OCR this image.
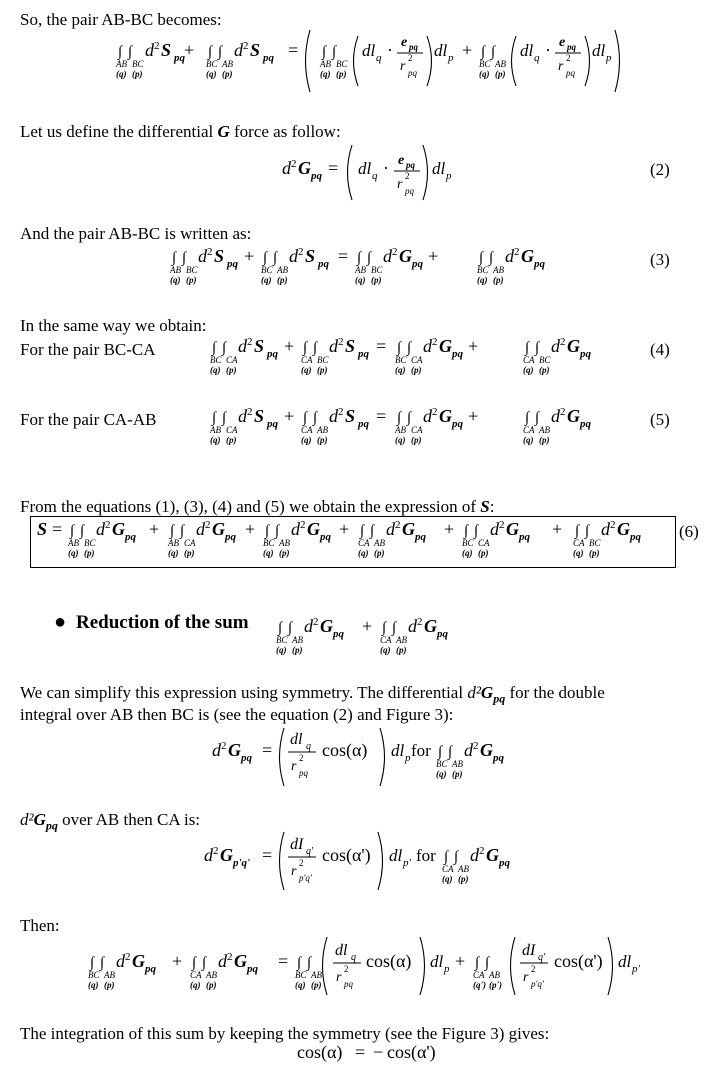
So, the pair AB-BC becomes:
Let us define the differential G force as follow:
And the pair AB-BC is written as:
In the same way we obtain:
For the pair BC-CA
For the pair CA-AB
From the equations (1), (3), (4) and (5) we obtain the expression of S:
● Reduction of the sum
We can simplify this expression using symmetry. The differential $d^2G_{pq}$ for the double
integral over AB then BC is (see the equation (2) and Figure 3):
$d^2G_{pq}$ over AB then CA is:
Then:
The integration of this sum by keeping the symmetry (see the Figure 3) gives:
(2)
(3)
(4)
(5)
(6)
∫ ∫
AB BC
(q) (p)
d 2 S pq + ∫ ∫
BC AB
(q) (p)
d 2 S pq = ∫ ∫
AB BC
(q) (p)
dl q · e pq
r
2
pq
dl p + ∫ ∫
BC AB
(q) (p)
dl q · e pq
r
2
pq
dl p
d 2 G pq = dl q · e pq
r
2
pq
dl p
∫ ∫
AB BC
(q) (p)
d 2 S pq + ∫ ∫
BC AB
(q) (p)
d 2 S pq = ∫ ∫
AB BC
(q) (p)
d 2 G pq +	∫ ∫
BC AB
(q) (p)
d 2 G pq
∫ ∫
BC CA
(q) (p)
d 2 S pq + ∫ ∫
CA BC
(q) (p)
d 2 S pq = ∫ ∫
BC CA
(q) (p)
d 2 G pq +	∫ ∫
CA BC
(q) (p)
d 2 G pq
∫ ∫
AB CA
(q) (p)
d 2 S pq + ∫ ∫
CA AB
(q) (p)
d 2 S pq = ∫ ∫
AB CA
(q) (p)
d 2 G pq +	∫ ∫
CA AB
(q) (p)
d 2 G pq
S = ∫ ∫
AB BC
(q) (p)
d 2 G pq + ∫ ∫
AB CA
(q) (p)
d 2 G pq + ∫ ∫
BC AB
(q) (p)
d 2 G pq + ∫ ∫
CA AB
(q) (p)
d 2 G pq + ∫ ∫
BC CA
(q) (p)
d 2 G pq + ∫ ∫
CA BC
(q) (p)
d 2 G pq
∫ ∫
BC AB
(q) (p)
d 2 G pq + ∫ ∫
CA AB
(q) (p)
d 2 G pq
d 2 G pq =
dl q
r
2
pq
cos(α) dl p for ∫ ∫
BC AB
(q) (p)
d 2 G pq
d 2 G p'q' =
dI q'
r
2
p'q'
cos(α') dl p' for ∫ ∫
CA AB
(q) (p)
d 2 G pq
∫ ∫
BC AB
(q) (p)
d 2 G pq + ∫ ∫
CA AB
(q) (p)
d 2 G pq = ∫ ∫
BC AB
(q) (p)
dl q
r
2
pq
cos(α) dl p + ∫ ∫
CA AB
(q') (p')
dI q'
r
2
p'q'
cos(α') dl p'
cos(α) = − cos(α')
